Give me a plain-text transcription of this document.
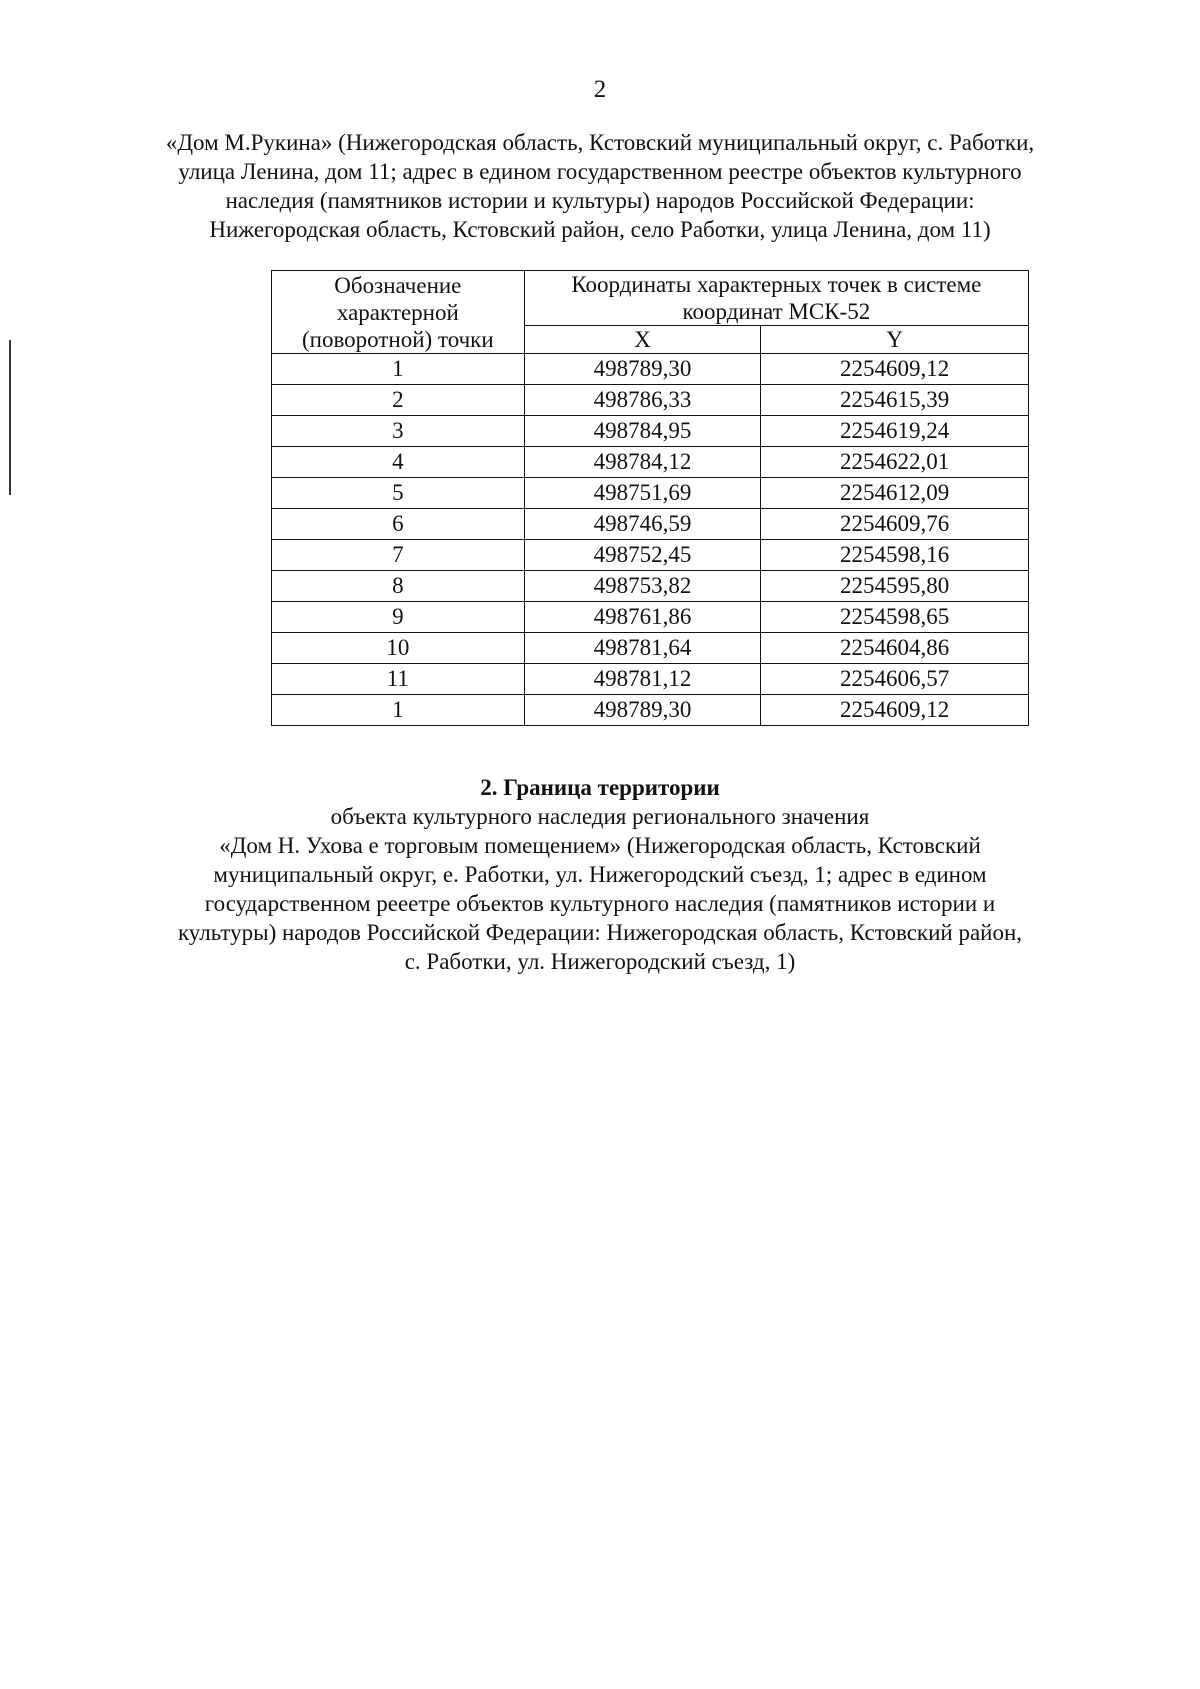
2
«Дом М.Рукина» (Нижегородская область, Кстовский муниципальный округ, с. Работки,
улица Ленина, дом 11; адрес в едином государственном реестре объектов культурного
наследия (памятников истории и культуры) народов Российской Федерации:
Нижегородская область, Кстовский район, село Работки, улица Ленина, дом 11)
Обозначение
характерной
(поворотной) точки	Координаты характерных точек в системе
координат МСК-52	

	X	Y
1	498789,30	2254609,12
2	498786,33	2254615,39
3	498784,95	2254619,24
4	498784,12	2254622,01
5	498751,69	2254612,09
6	498746,59	2254609,76
7	498752,45	2254598,16
8	498753,82	2254595,80
9	498761,86	2254598,65
10	498781,64	2254604,86
11	498781,12	2254606,57
1	498789,30	2254609,12
2. Граница территории
объекта культурного наследия регионального значения
«Дом Н. Ухова е торговым помещением» (Нижегородская область, Кстовский
муниципальный округ, е. Работки, ул. Нижегородский съезд, 1; адрес в едином
государственном рееетре объектов культурного наследия (памятников истории и
культуры) народов Российской Федерации: Нижегородская область, Кстовский район,
с. Работки, ул. Нижегородский съезд, 1)
